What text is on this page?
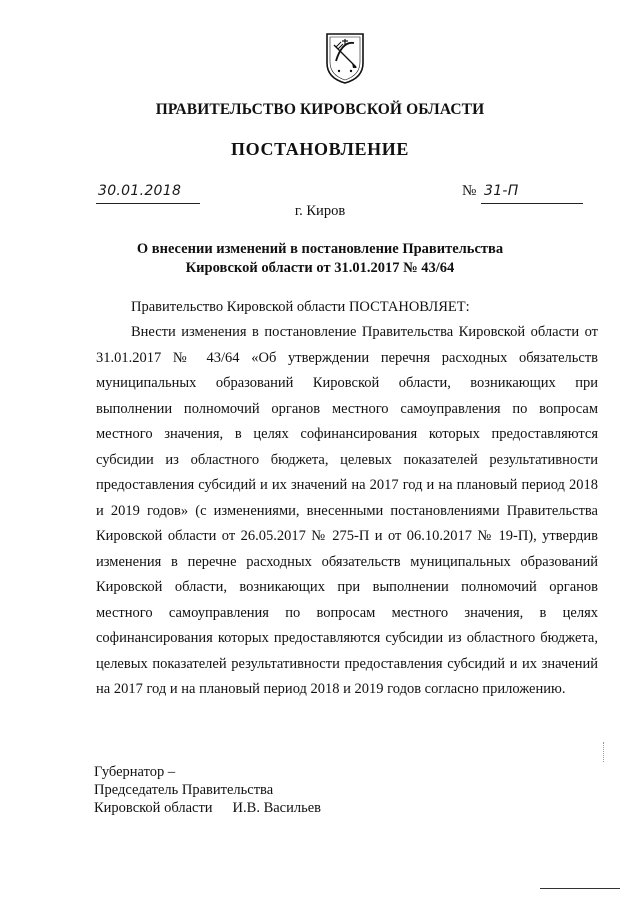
ПРАВИТЕЛЬСТВО КИРОВСКОЙ ОБЛАСТИ
ПОСТАНОВЛЕНИЕ
30.01.2018	№ 31-П
г. Киров
О внесении изменений в постановление Правительства
Кировской области от 31.01.2017 № 43/64
Правительство Кировской области ПОСТАНОВЛЯЕТ:

Внести изменения в постановление Правительства Кировской области от 31.01.2017 № 43/64 «Об утверждении перечня расходных обязательств муниципальных образований Кировской области, возникающих при выполнении полномочий органов местного самоуправления по вопросам местного значения, в целях софинансирования которых предоставляются субсидии из областного бюджета, целевых показателей результативности предоставления субсидий и их значений на 2017 год и на плановый период 2018 и 2019 годов» (с изменениями, внесенными постановлениями Правительства Кировской области от 26.05.2017 № 275-П и от 06.10.2017 № 19-П), утвердив изменения в перечне расходных обязательств муниципальных образований Кировской области, возникающих при выполнении полномочий органов местного самоуправления по вопросам местного значения, в целях софинансирования которых предоставляются субсидии из областного бюджета, целевых показателей результативности предоставления субсидий и их значений на 2017 год и на плановый период 2018 и 2019 годов согласно приложению.

Губернатор –
Председатель Правительства
Кировской области И.В. Васильев
